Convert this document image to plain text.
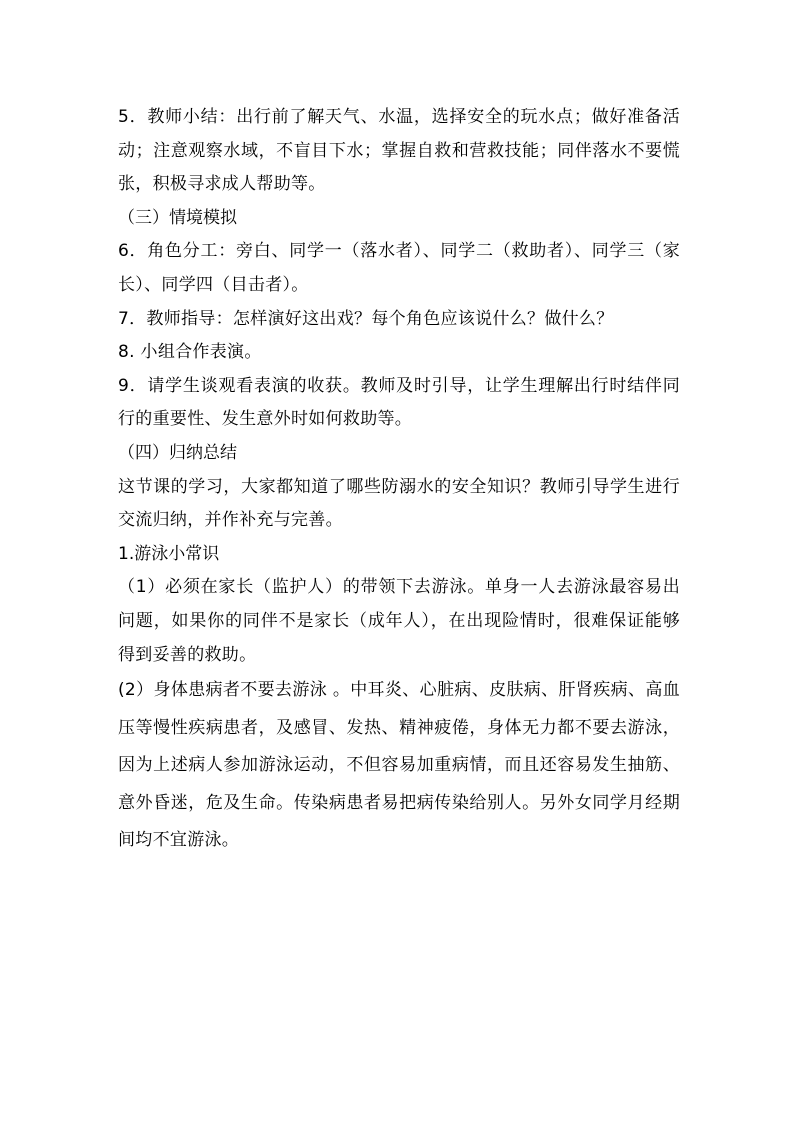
5．教师小结：出行前了解天气、水温，选择安全的玩水点；做好准备活动；注意观察水域，不盲目下水；掌握自救和营救技能；同伴落水不要慌张，积极寻求成人帮助等。

（三）情境模拟

6．角色分工：旁白、同学一（落水者）、同学二（救助者）、同学三（家长）、同学四（目击者）。

7．教师指导：怎样演好这出戏？每个角色应该说什么？做什么？

8. 小组合作表演。

9．请学生谈观看表演的收获。教师及时引导，让学生理解出行时结伴同行的重要性、发生意外时如何救助等。

（四）归纳总结

这节课的学习，大家都知道了哪些防溺水的安全知识？教师引导学生进行交流归纳，并作补充与完善。

1.游泳小常识

（1）必须在家长（监护人）的带领下去游泳。单身一人去游泳最容易出问题，如果你的同伴不是家长（成年人），在出现险情时，很难保证能够得到妥善的救助。

(2）身体患病者不要去游泳 。中耳炎、心脏病、皮肤病、肝肾疾病、高血压等慢性疾病患者，及感冒、发热、精神疲倦，身体无力都不要去游泳，因为上述病人参加游泳运动，不但容易加重病情，而且还容易发生抽筋、意外昏迷，危及生命。传染病患者易把病传染给别人。另外女同学月经期间均不宜游泳。
